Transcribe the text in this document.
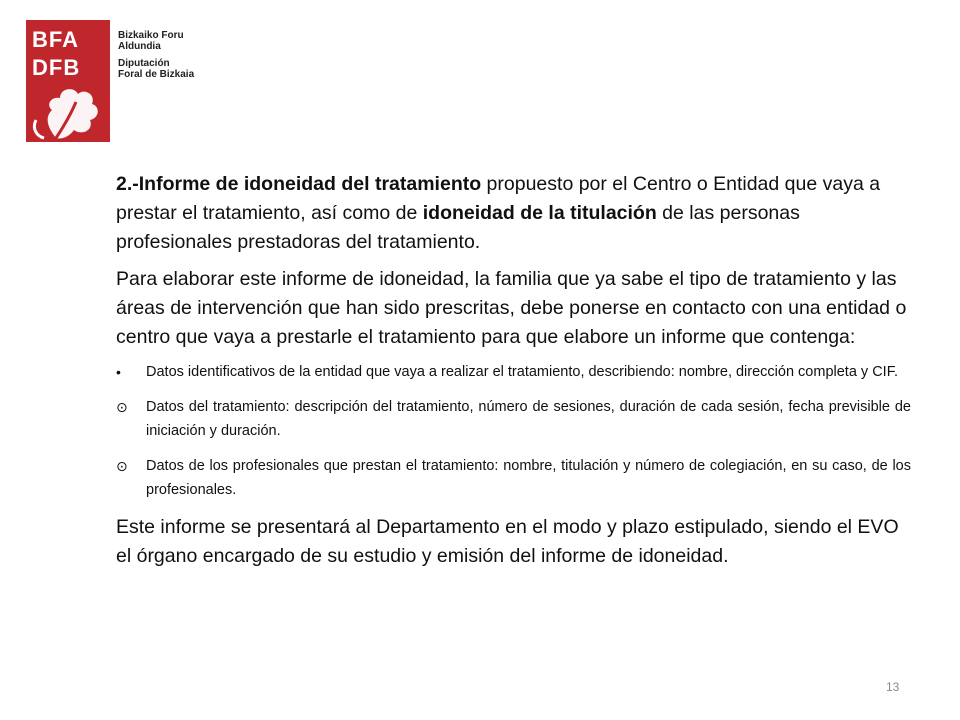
BFA
DFB
Bizkaiko Foru
Aldundia
Diputación
Foral de Bizkaia

2.-Informe de idoneidad del tratamiento propuesto por el Centro o Entidad que vaya a prestar el tratamiento, así como de idoneidad de la titulación de las personas profesionales prestadoras del tratamiento.

Para elaborar este informe de idoneidad, la familia que ya sabe el tipo de tratamiento y las áreas de intervención que han sido prescritas, debe ponerse en contacto con una entidad o centro que vaya a prestarle el tratamiento para que elabore un informe que contenga:

•	Datos identificativos de la entidad que vaya a realizar el tratamiento, describiendo: nombre, dirección completa y CIF.
⊙	Datos del tratamiento: descripción del tratamiento, número de sesiones, duración de cada sesión, fecha previsible de iniciación y duración.
⊙	Datos de los profesionales que prestan el tratamiento: nombre, titulación y número de colegiación, en su caso, de los profesionales.

Este informe se presentará al Departamento en el modo y plazo estipulado, siendo el EVO el órgano encargado de su estudio y emisión del informe de idoneidad.

13
